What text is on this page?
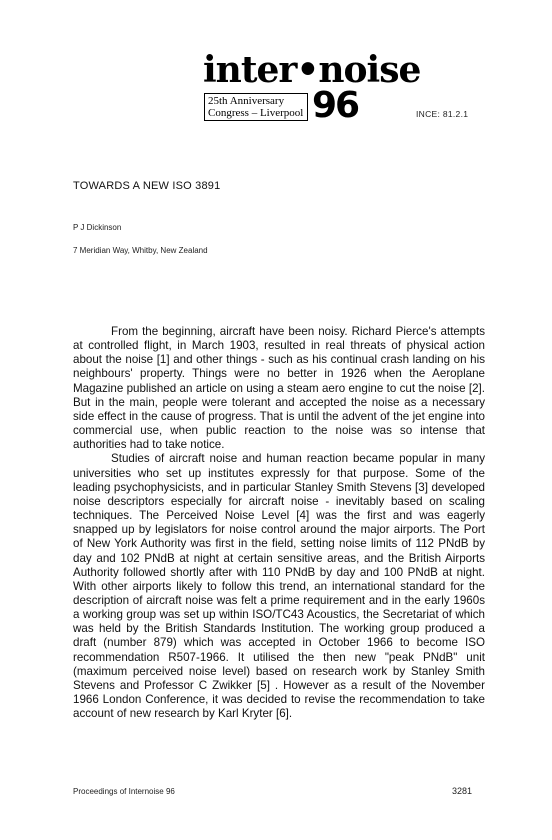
inter•noise
25th Anniversary
Congress – Liverpool 96	INCE: 81.2.1
TOWARDS A NEW ISO 3891
P J Dickinson
7 Meridian Way, Whitby, New Zealand

From the beginning, aircraft have been noisy. Richard Pierce's attempts at controlled flight, in March 1903, resulted in real threats of physical action about the noise [1] and other things - such as his continual crash landing on his neighbours' property. Things were no better in 1926 when the Aeroplane Magazine published an article on using a steam aero engine to cut the noise [2]. But in the main, people were tolerant and accepted the noise as a necessary side effect in the cause of progress. That is until the advent of the jet engine into commercial use, when public reaction to the noise was so intense that authorities had to take notice.

Studies of aircraft noise and human reaction became popular in many universities who set up institutes expressly for that purpose. Some of the leading psychophysicists, and in particular Stanley Smith Stevens [3] developed noise descriptors especially for aircraft noise - inevitably based on scaling techniques. The Perceived Noise Level [4] was the first and was eagerly snapped up by legislators for noise control around the major airports. The Port of New York Authority was first in the field, setting noise limits of 112 PNdB by day and 102 PNdB at night at certain sensitive areas, and the British Airports Authority followed shortly after with 110 PNdB by day and 100 PNdB at night. With other airports likely to follow this trend, an international standard for the description of aircraft noise was felt a prime requirement and in the early 1960s a working group was set up within ISO/TC43 Acoustics, the Secretariat of which was held by the British Standards Institution. The working group produced a draft (number 879) which was accepted in October 1966 to become ISO recommendation R507-1966. It utilised the then new "peak PNdB" unit (maximum perceived noise level) based on research work by Stanley Smith Stevens and Professor C Zwikker [5] . However as a result of the November 1966 London Conference, it was decided to revise the recommendation to take account of new research by Karl Kryter [6].

Proceedings of Internoise 96	3281
